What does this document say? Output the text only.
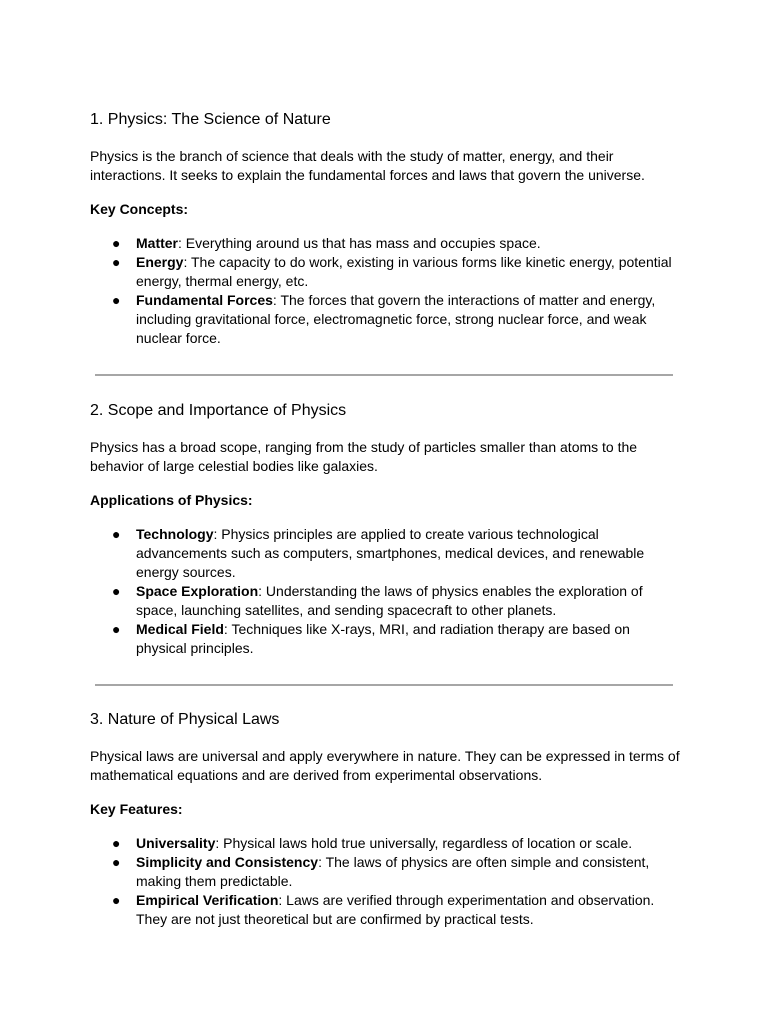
1. Physics: The Science of Nature

Physics is the branch of science that deals with the study of matter, energy, and their interactions. It seeks to explain the fundamental forces and laws that govern the universe.

Key Concepts:

● Matter: Everything around us that has mass and occupies space.
● Energy: The capacity to do work, existing in various forms like kinetic energy, potential energy, thermal energy, etc.
● Fundamental Forces: The forces that govern the interactions of matter and energy, including gravitational force, electromagnetic force, strong nuclear force, and weak nuclear force.
2. Scope and Importance of Physics

Physics has a broad scope, ranging from the study of particles smaller than atoms to the behavior of large celestial bodies like galaxies.

Applications of Physics:

● Technology: Physics principles are applied to create various technological advancements such as computers, smartphones, medical devices, and renewable energy sources.
● Space Exploration: Understanding the laws of physics enables the exploration of space, launching satellites, and sending spacecraft to other planets.
● Medical Field: Techniques like X-rays, MRI, and radiation therapy are based on physical principles.
3. Nature of Physical Laws

Physical laws are universal and apply everywhere in nature. They can be expressed in terms of mathematical equations and are derived from experimental observations.

Key Features:

● Universality: Physical laws hold true universally, regardless of location or scale.
● Simplicity and Consistency: The laws of physics are often simple and consistent, making them predictable.
● Empirical Verification: Laws are verified through experimentation and observation. They are not just theoretical but are confirmed by practical tests.
